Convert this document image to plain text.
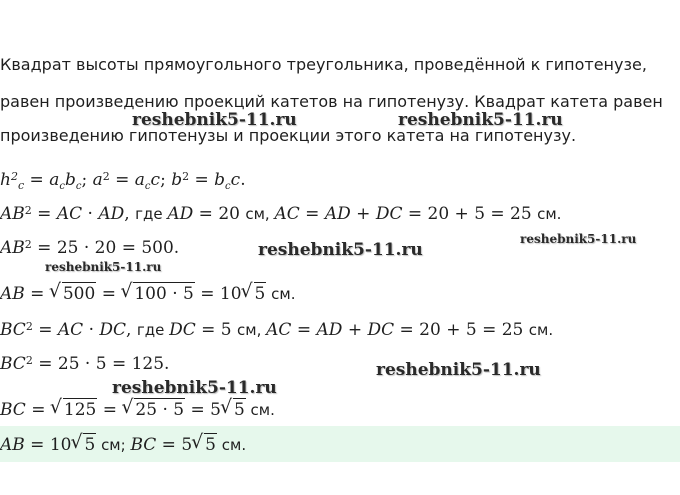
Квадрат высоты прямоугольного треугольника, проведённой к гипотенузе,
равен произведению проекций катетов на гипотенузу. Квадрат катета равен
произведению гипотенузы и проекции этого катета на гипотенузу.
$h^2_c = a_cb_c$; $a^2 = a_cc$; $b^2 = b_cc$.
$AB^2$ = AC · AD, где AD = 20 см, AC = AD + DC = 20 + 5 = 25 см.
$AB^2 = 25 \cdot 20 = 500$.
AB = √ 500 = √ 100 · 5 = 10 √ 5 см.
$BC^2$ = AC · DC, где DC = 5 см, AC = AD + DC = 20 + 5 = 25 см.
$BC^2 = 25 \cdot 5 = 125$.
BC = √ 125 = √ 25 · 5 = 5 √ 5 см.
AB = 10 √ 5 см; BC = 5 √ 5 см.
reshebnik5-11.ru	reshebnik5-11.ru
reshebnik5-11.ru
reshebnik5-11.ru
reshebnik5-11.ru
reshebnik5-11.ru
reshebnik5-11.ru
